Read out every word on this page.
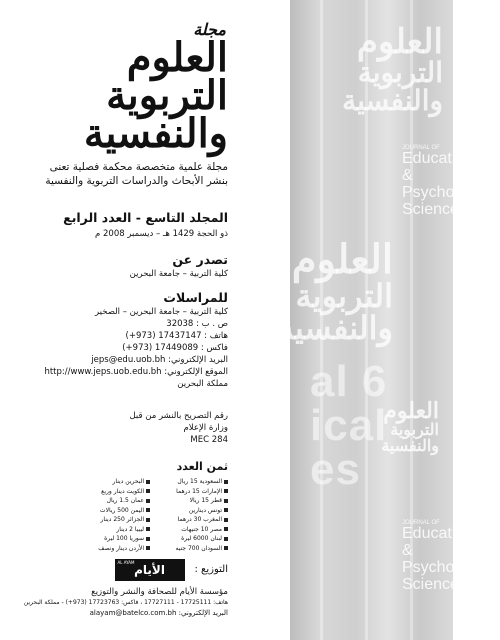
العلوم
التربوية
والنفسية
JOURNAL OF
Educational &
Psychological
Sciences
العلوم
التربوية
والنفسية
al 6
ical
es
العلوم
التربوية
والنفسية
JOURNAL OF
Educational &
Psychological
Sciences
مجلة
العلوم
التربوية
والنفسية
مجلة علمية متخصصة محكمة فصلية تعنى
بنشر الأبحاث والدراسات التربوية والنفسية
المجلد التاسع - العدد الرابع
ذو الحجة 1429 هـ – ديسمبر 2008 م
تصدر عن
كلية التربية – جامعة البحرين
للمراسلات
كلية التربية – جامعة البحرين – الصخير
ص . ب : 32038
هاتف : 17437147 (973+)
فاكس : 17449089 (973+)
البريد الإلكتروني: jeps@edu.uob.bh
الموقع الإلكتروني: http://www.jeps.uob.edu.bh
مملكة البحرين
رقم التصريح بالنشر من قبل
وزارة الإعلام
MEC 284
ثمن العدد
السعودية 15 ريال
البحرين دينار
الإمارات 15 درهما
الكويت دينار وربع
قطر 15 ريالا
عمان 1.5 ريال
تونس دينارين
اليمن 500 ريالات
المغرب 30 درهما
الجزائر 250 دينار
مصر 10 جنيهات
ليبيا 2 دينار
لبنان 6000 ليرة
سوريا 100 ليرة
السودان 700 جنيه
الأردن دينار ونصف
التوزيع :
AL AYAM
الأيام
مؤسسة الأيام للصحافة والنشر والتوزيع
هاتف: 17725111 - 17727111 ، فاكس: 17723763 (973+) - مملكة البحرين
البريد الإلكتروني: alayam@batelco.com.bh
